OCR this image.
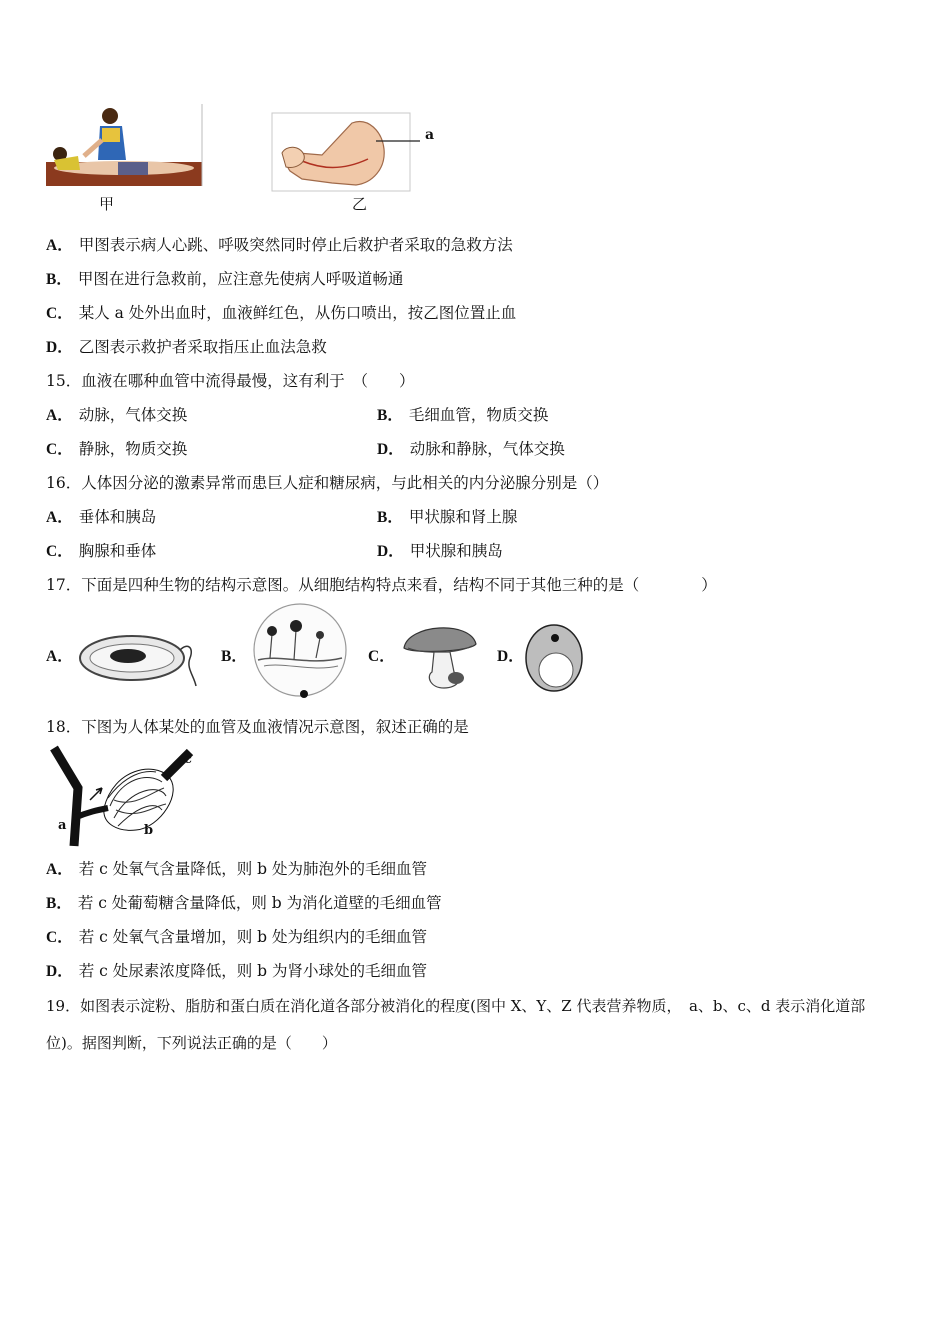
甲
a
乙
A． 甲图表示病人心跳、呼吸突然同时停止后救护者采取的急救方法
B． 甲图在进行急救前，应注意先使病人呼吸道畅通
C． 某人 a 处外出血时，血液鲜红色，从伤口喷出，按乙图位置止血
D． 乙图表示救护者采取指压止血法急救
15．血液在哪种血管中流得最慢，这有利于　（　　）
A． 动脉，气体交换	B． 毛细血管，物质交换
C． 静脉，物质交换	D． 动脉和静脉，气体交换
16．人体因分泌的激素异常而患巨人症和糖尿病，与此相关的内分泌腺分别是（）
A． 垂体和胰岛	B． 甲状腺和肾上腺
C． 胸腺和垂体	D． 甲状腺和胰岛
17．下面是四种生物的结构示意图。从细胞结构特点来看，结构不同于其他三种的是（　　　　）
A．	B．	C．	D．
18．下图为人体某处的血管及血液情况示意图，叙述正确的是
a	b
c
A． 若 c 处氧气含量降低，则 b 处为肺泡外的毛细血管
B． 若 c 处葡萄糖含量降低，则 b 为消化道壁的毛细血管
C． 若 c 处氧气含量增加，则 b 处为组织内的毛细血管
D． 若 c 处尿素浓度降低，则 b 为肾小球处的毛细血管
19．如图表示淀粉、脂肪和蛋白质在消化道各部分被消化的程度(图中 X、Y、Z 代表营养物质，　a、b、c、d 表示消化道部
位)。据图判断，下列说法正确的是（　　）
